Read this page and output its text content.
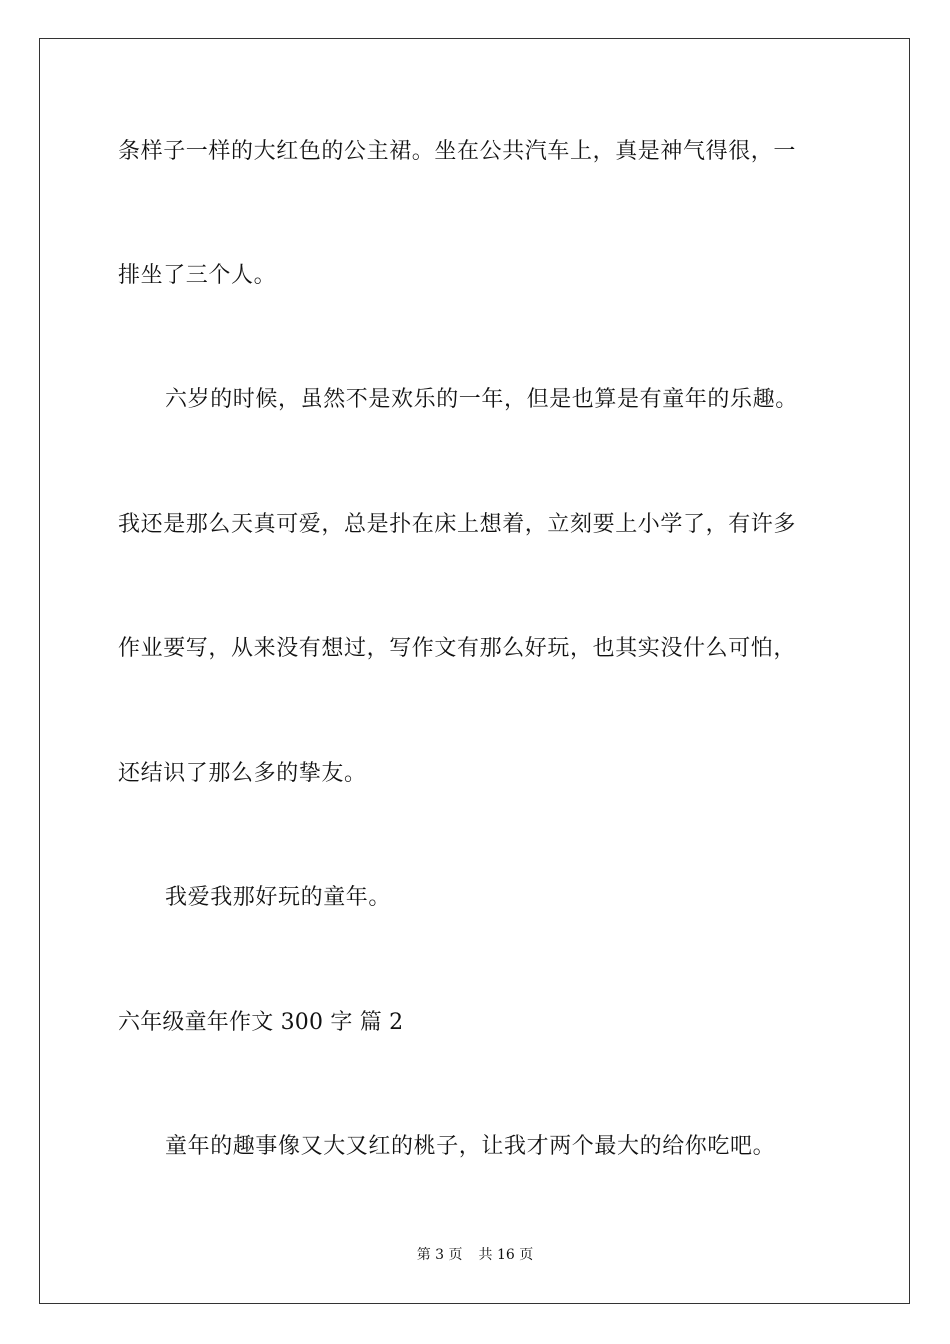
条样子一样的大红色的公主裙。坐在公共汽车上，真是神气得很，一
排坐了三个人。
六岁的时候，虽然不是欢乐的一年，但是也算是有童年的乐趣。
我还是那么天真可爱，总是扑在床上想着，立刻要上小学了，有许多
作业要写，从来没有想过，写作文有那么好玩，也其实没什么可怕，
还结识了那么多的挚友。
我爱我那好玩的童年。
六年级童年作文 300 字 篇 2
童年的趣事像又大又红的桃子，让我才两个最大的给你吃吧。
第 3 页 共 16 页
